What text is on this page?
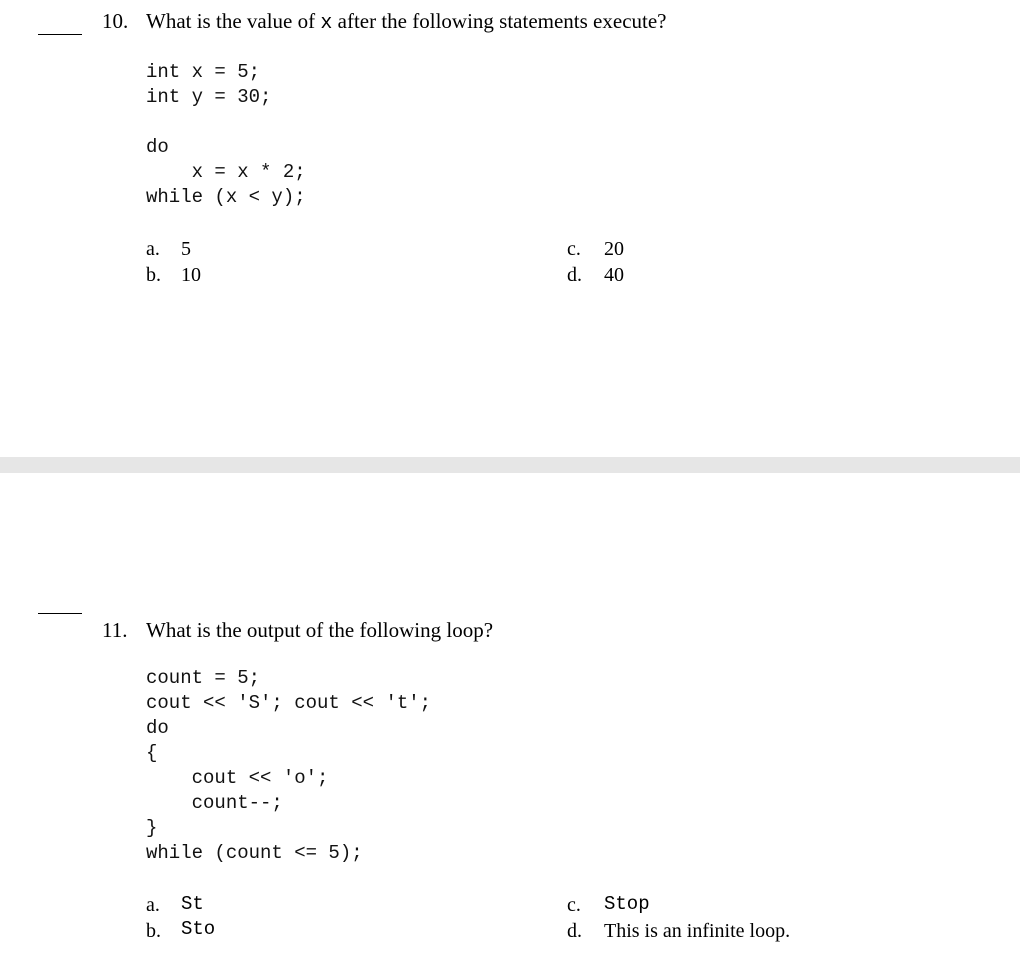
10. What is the value of x after the following statements execute?
int x = 5;
int y = 30;
do
x = x * 2;
while (x < y);
a. 5
b. 10
c. 20
d. 40
11. What is the output of the following loop?
count = 5;
cout << 'S'; cout << 't';
do
{
cout << 'o';
count--;
}
while (count <= 5);
a. St
b. Sto
c. Stop
d. This is an infinite loop.
